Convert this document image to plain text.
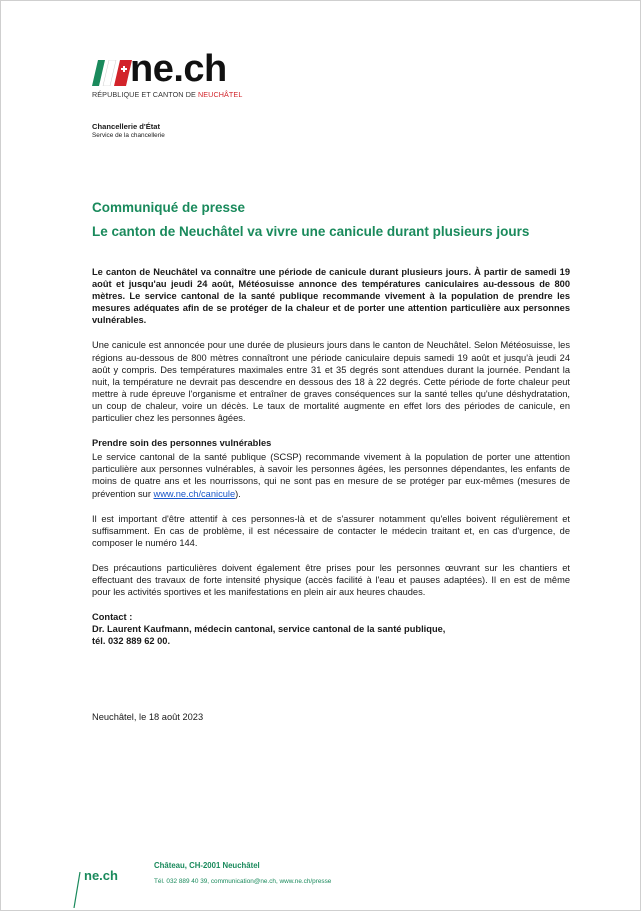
ne.ch
RÉPUBLIQUE ET CANTON DE NEUCHÂTEL
Chancellerie d'État
Service de la chancellerie
Communiqué de presse
Le canton de Neuchâtel va vivre une canicule durant plusieurs jours

Le canton de Neuchâtel va connaître une période de canicule durant plusieurs jours. À partir de samedi 19 août et jusqu'au jeudi 24 août, Météosuisse annonce des températures caniculaires au-dessous de 800 mètres. Le service cantonal de la santé publique recommande vivement à la population de prendre les mesures adéquates afin de se protéger de la chaleur et de porter une attention particulière aux personnes vulnérables.

Une canicule est annoncée pour une durée de plusieurs jours dans le canton de Neuchâtel. Selon Météosuisse, les régions au-dessous de 800 mètres connaîtront une période caniculaire depuis samedi 19 août et jusqu'à jeudi 24 août y compris. Des températures maximales entre 31 et 35 degrés sont attendues durant la journée. Pendant la nuit, la température ne devrait pas descendre en dessous des 18 à 22 degrés. Cette période de forte chaleur peut mettre à rude épreuve l'organisme et entraîner de graves conséquences sur la santé telles qu'une déshydratation, un coup de chaleur, voire un décès. Le taux de mortalité augmente en effet lors des périodes de canicule, en particulier chez les personnes âgées.

Prendre soin des personnes vulnérables

Le service cantonal de la santé publique (SCSP) recommande vivement à la population de porter une attention particulière aux personnes vulnérables, à savoir les personnes âgées, les personnes dépendantes, les enfants de moins de quatre ans et les nourrissons, qui ne sont pas en mesure de se protéger par eux-mêmes (mesures de prévention sur www.ne.ch/canicule).

Il est important d'être attentif à ces personnes-là et de s'assurer notamment qu'elles boivent régulièrement et suffisamment. En cas de problème, il est nécessaire de contacter le médecin traitant et, en cas d'urgence, de composer le numéro 144.

Des précautions particulières doivent également être prises pour les personnes œuvrant sur les chantiers et effectuant des travaux de forte intensité physique (accès facilité à l'eau et pauses adaptées). Il en est de même pour les activités sportives et les manifestations en plein air aux heures chaudes.

Contact :

Dr. Laurent Kaufmann, médecin cantonal, service cantonal de la santé publique,

tél. 032 889 62 00.

Neuchâtel, le 18 août 2023
ne.ch
Château, CH-2001 Neuchâtel
Tél. 032 889 40 39, communication@ne.ch, www.ne.ch/presse
